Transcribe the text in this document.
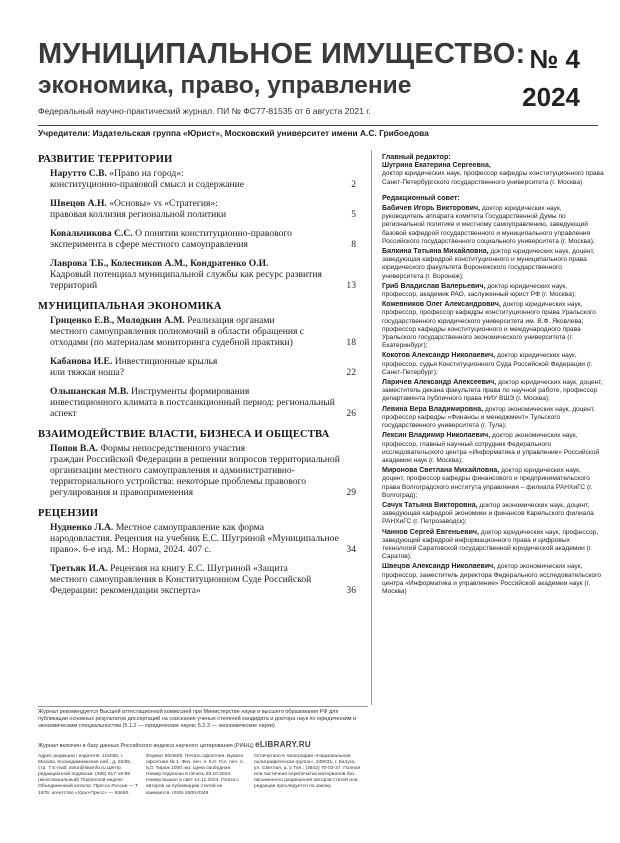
МУНИЦИПАЛЬНОЕ ИМУЩЕСТВО:
экономика, право, управление
Федеральный научно-практический журнал. ПИ № ФС77-81535 от 6 августа 2021 г.
№ 4
2024
Учредители: Издательская группа «Юрист», Московский университет имени А.С. Грибоедова
РАЗВИТИЕ ТЕРРИТОРИИ
Нарутто С.В. «Право на город»:
конституционно-правовой смысл и содержание	2
Швецов А.Н. «Основы» vs «Стратегия»:
правовая коллизия региональной политики	5
Ковальчикова С.С. О понятии конституционно-правового
эксперимента в сфере местного самоуправления	8
Лаврова Т.Б., Колесников А.М., Кондратенко О.И.
Кадровый потенциал муниципальной службы как ресурс развития территорий	13
МУНИЦИПАЛЬНАЯ ЭКОНОМИКА
Гриценко Е.В., Молодкин А.М. Реализация органами
местного самоуправления полномочий в области обращения с отходами (по материалам мониторинга судебной практики)	18
Кабанова И.Е. Инвестиционные крылья
или тяжкая ноша?	22
Ольшанская М.В. Инструменты формирования
инвестиционного климата в постсанкционный период: региональный аспект	26
ВЗАИМОДЕЙСТВИЕ ВЛАСТИ, БИЗНЕСА И ОБЩЕСТВА
Попов В.А. Формы непосредственного участия
граждан Российской Федерации в решении вопросов территориальной организации местного самоуправления и административно-территориального устройства: некоторые проблемы правового регулирования и правоприменения	29
РЕЦЕНЗИИ
Нудненко Л.А. Местное самоуправление как форма
народовластия. Рецензия на учебник Е.С. Шугриной «Муниципальное право». 6-е изд. М.: Норма, 2024. 407 с.	34
Третьяк И.А. Рецензия на книгу Е.С. Шугриной «Защита
местного самоуправления в Конституционном Суде Российской Федерации: рекомендации эксперта»	36

Главный редактор:
Шугрина Екатерина Сергеевна,
доктор юридических наук, профессор кафедры конституционного права Санкт-Петербургского государственного университета (г. Москва)

Редакционный совет:

Бабичев Игорь Викторович, доктор юридических наук, руководитель аппарата комитета Государственной Думы по региональной политике и местному самоуправлению, заведующий базовой кафедрой государственного и муниципального управления Российского государственного социального университета (г. Москва);

Бялкина Татьяна Михайловна, доктор юридических наук, доцент, заведующая кафедрой конституционного и муниципального права юридического факультета Воронежского государственного университета (г. Воронеж);

Гриб Владислав Валерьевич, доктор юридических наук, профессор, академик РАО, заслуженный юрист РФ (г. Москва);

Кожевников Олег Александрович, доктор юридических наук, профессор, профессор кафедры конституционного права Уральского государственного юридического университета им. В.Ф. Яковлева; профессор кафедры конституционного и международного права Уральского государственного экономического университета (г. Екатеринбург);

Кокотов Александр Николаевич, доктор юридических наук, профессор, судья Конституционного Суда Российской Федерации (г. Санкт-Петербург);

Ларичев Александр Алексеевич, доктор юридических наук, доцент, заместитель декана факультета права по научной работе, профессор департамента публичного права НИУ ВШЭ (г. Москва);

Левина Вера Владимировна, доктор экономических наук, доцент, профессор кафедры «Финансы и менеджмент» Тульского государственного университета (г. Тула);

Лексин Владимир Николаевич, доктор экономических наук, профессор, главный научный сотрудник Федерального исследовательского центра «Информатика и управление» Российской академии наук (г. Москва);

Миронова Светлана Михайловна, доктор юридических наук, доцент, профессор кафедры финансового и предпринимательского права Волгоградского института управления – филиала РАНХиГС (г. Волгоград);

Сачук Татьяна Викторовна, доктор экономических наук, доцент, заведующая кафедрой экономики и финансов Карельского филиала РАНХиГС (г. Петрозаводск);

Чаннов Сергей Евгеньевич, доктор юридических наук, профессор, заведующий кафедрой информационного права и цифровых технологий Саратовской государственной юридической академии (г. Саратов);

Швецов Александр Николаевич, доктор экономических наук, профессор, заместитель директора Федерального исследовательского центра «Информатика и управление» Российской академии наук (г. Москва)

Журнал рекомендуется Высшей аттестационной комиссией при Министерстве науки и высшего образования РФ для публикации основных результатов диссертаций на соискание ученых степеней кандидата и доктора наук по юридическим и экономическим специальностям (5.1.2 — юридические науки; 5.2.3 — экономические науки).
Журнал включен в базу данных Российского индекса научного цитирования (РИНЦ) eLIBRARY.RU
Адрес редакции / издателя: 115035, г. Москва, Космодамианская наб., д. 26/55, стр. 7 E-mail: avtor@lawinfo.ru Центр редакционной подписки: (495) 617-18-88 (многоканальный) Подписной индекс: Объединенный каталог. Пресса России — Т 1876; агентство «Урал-Пресс» — 93650.
Формат 60х90/8. Печать офсетная. Бумага офсетная № 1. Физ. печ. л. 5,0. Усл. печ. л. 5,0. Тираж 1000 экз. Цена свободная. Номер подписан в печать 29.10.2024. Номер вышел в свет 14.11.2024. Плата с авторов за публикацию статей не взимается. ISSN 2500-0349
Отпечатано в типографии «Национальная полиграфическая группа». 248031, г. Калуга, ул. Светлая, д. 2 Тел.: (4842) 70-03-37. Полная или частичная перепечатка материалов без письменного разрешения авторов статей или редакции преследуется по закону.
